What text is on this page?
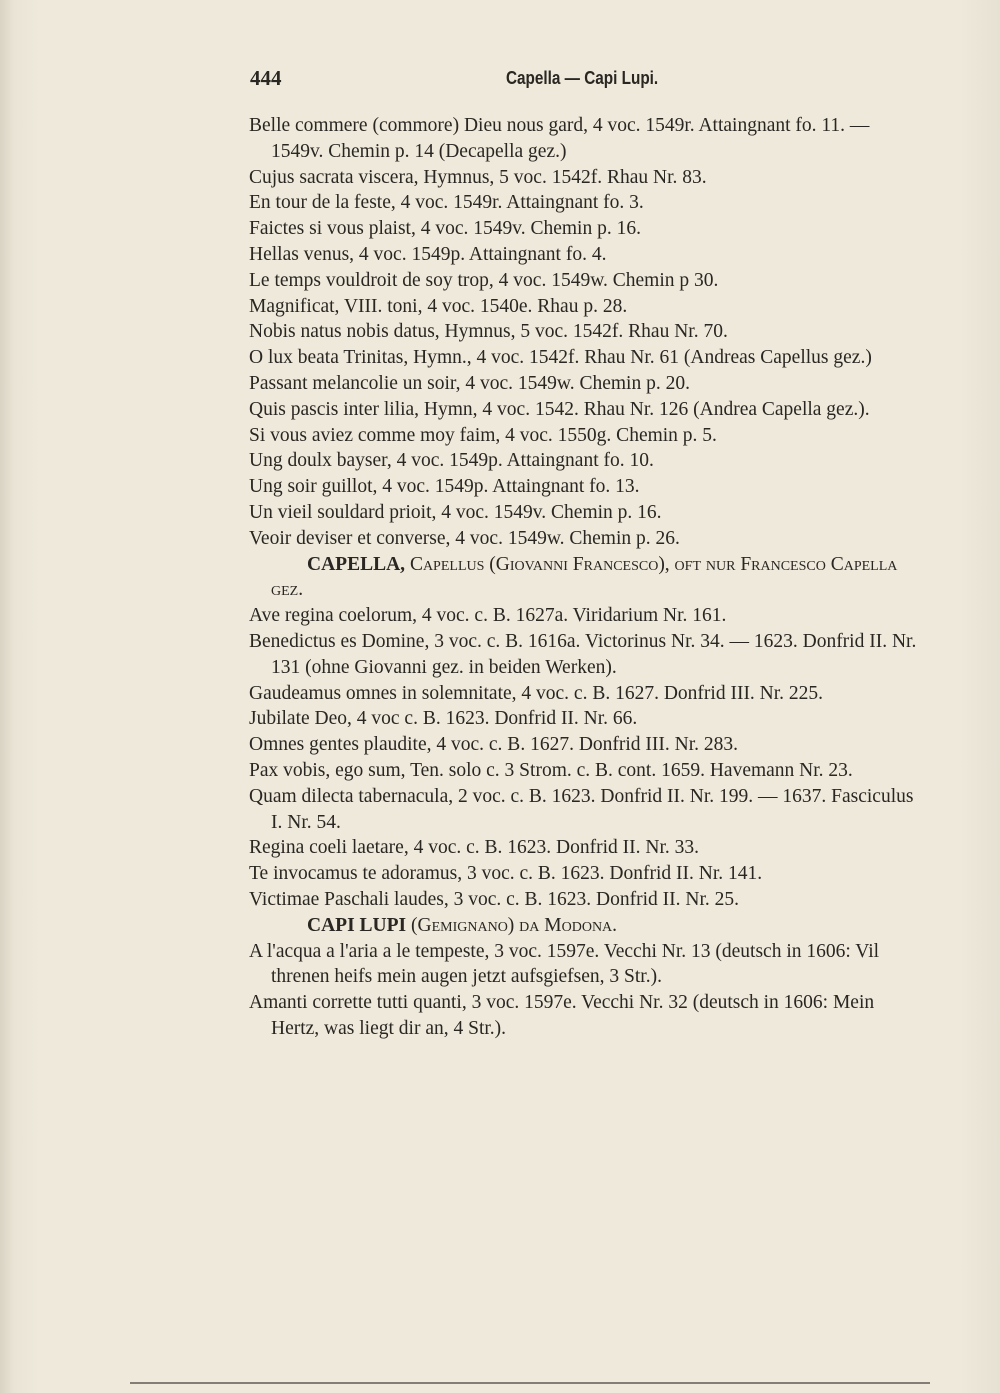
444	Capella — Capi Lupi.

Belle commere (commore) Dieu nous gard, 4 voc. 1549r. Attaingnant fo. 11. — 1549v. Chemin p. 14 (Decapella gez.)

Cujus sacrata viscera, Hymnus, 5 voc. 1542f. Rhau Nr. 83.

En tour de la feste, 4 voc. 1549r. Attaingnant fo. 3.

Faictes si vous plaist, 4 voc. 1549v. Chemin p. 16.

Hellas venus, 4 voc. 1549p. Attaingnant fo. 4.

Le temps vouldroit de soy trop, 4 voc. 1549w. Chemin p 30.

Magnificat, VIII. toni, 4 voc. 1540e. Rhau p. 28.

Nobis natus nobis datus, Hymnus, 5 voc. 1542f. Rhau Nr. 70.

O lux beata Trinitas, Hymn., 4 voc. 1542f. Rhau Nr. 61 (Andreas Capellus gez.)

Passant melancolie un soir, 4 voc. 1549w. Chemin p. 20.

Quis pascis inter lilia, Hymn, 4 voc. 1542. Rhau Nr. 126 (Andrea Capella gez.).

Si vous aviez comme moy faim, 4 voc. 1550g. Chemin p. 5.

Ung doulx bayser, 4 voc. 1549p. Attaingnant fo. 10.

Ung soir guillot, 4 voc. 1549p. Attaingnant fo. 13.

Un vieil souldard prioit, 4 voc. 1549v. Chemin p. 16.

Veoir deviser et converse, 4 voc. 1549w. Chemin p. 26.

CAPELLA, Capellus (Giovanni Francesco), oft nur Francesco Capella gez.

Ave regina coelorum, 4 voc. c. B. 1627a. Viridarium Nr. 161.

Benedictus es Domine, 3 voc. c. B. 1616a. Victorinus Nr. 34. — 1623. Donfrid II. Nr. 131 (ohne Giovanni gez. in beiden Werken).

Gaudeamus omnes in solemnitate, 4 voc. c. B. 1627. Donfrid III. Nr. 225.

Jubilate Deo, 4 voc c. B. 1623. Donfrid II. Nr. 66.

Omnes gentes plaudite, 4 voc. c. B. 1627. Donfrid III. Nr. 283.

Pax vobis, ego sum, Ten. solo c. 3 Strom. c. B. cont. 1659. Havemann Nr. 23.

Quam dilecta tabernacula, 2 voc. c. B. 1623. Donfrid II. Nr. 199. — 1637. Fasciculus I. Nr. 54.

Regina coeli laetare, 4 voc. c. B. 1623. Donfrid II. Nr. 33.

Te invocamus te adoramus, 3 voc. c. B. 1623. Donfrid II. Nr. 141.

Victimae Paschali laudes, 3 voc. c. B. 1623. Donfrid II. Nr. 25.

CAPI LUPI (Gemignano) da Modona.

A l'acqua a l'aria a le tempeste, 3 voc. 1597e. Vecchi Nr. 13 (deutsch in 1606: Vil threnen heifs mein augen jetzt aufsgiefsen, 3 Str.).

Amanti corrette tutti quanti, 3 voc. 1597e. Vecchi Nr. 32 (deutsch in 1606: Mein Hertz, was liegt dir an, 4 Str.).
